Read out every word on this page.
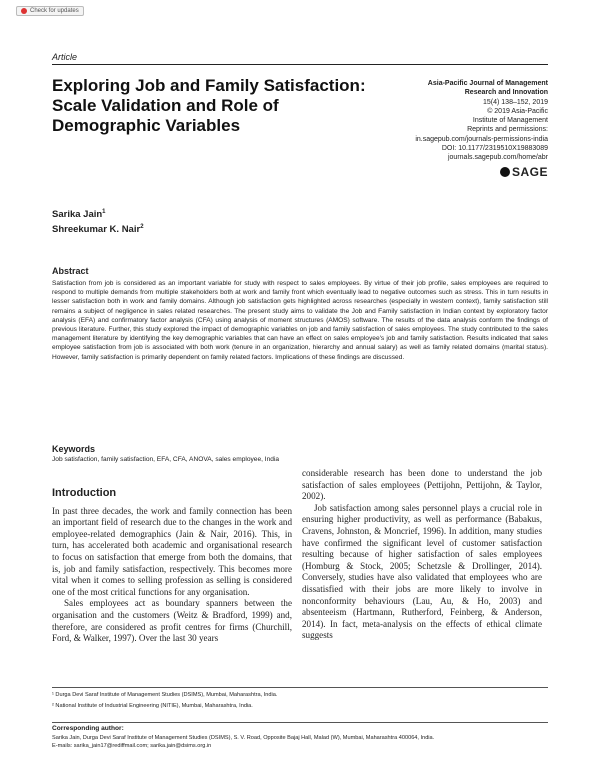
Check for updates
Article
Exploring Job and Family Satisfaction: Scale Validation and Role of Demographic Variables
Asia-Pacific Journal of Management
Research and Innovation
15(4) 138–152, 2019
© 2019 Asia-Pacific
Institute of Management
Reprints and permissions:
in.sagepub.com/journals-permissions-india
DOI: 10.1177/2319510X19883089
journals.sagepub.com/home/abr
SAGE
Sarika Jain$^1$
Shreekumar K. Nair$^2$
Abstract
Satisfaction from job is considered as an important variable for study with respect to sales employees. By virtue of their job profile, sales employees are required to respond to multiple demands from multiple stakeholders both at work and family front which eventually lead to negative outcomes such as stress. This in turn results in lesser satisfaction both in work and family domains. Although job satisfaction gets highlighted across researches (especially in western context), family satisfaction still remains a subject of negligence in sales related researches. The present study aims to validate the Job and Family satisfaction in Indian context by exploratory factor analysis (EFA) and confirmatory factor analysis (CFA) using analysis of moment structures (AMOS) software. The results of the data analysis conform the findings of previous literature. Further, this study explored the impact of demographic variables on job and family satisfaction of sales employees. The study contributed to the sales management literature by identifying the key demographic variables that can have an effect on sales employee's job and family satisfaction. Results indicated that sales employee satisfaction from job is associated with both work (tenure in an organization, hierarchy and annual salary) as well as family related domains (marital status). However, family satisfaction is primarily dependent on family related factors. Implications of these findings are discussed.
Keywords
Job satisfaction, family satisfaction, EFA, CFA, ANOVA, sales employee, India
Introduction

In past three decades, the work and family connection has been an important field of research due to the changes in the work and employee-related demographics (Jain & Nair, 2016). This, in turn, has accelerated both academic and organisational research to focus on satisfaction that emerge from both the domains, that is, job and family satisfaction, respectively. This becomes more vital when it comes to selling profession as selling is considered one of the most critical functions for any organisation.

Sales employees act as boundary spanners between the organisation and the customers (Weitz & Bradford, 1999) and, therefore, are considered as profit centres for firms (Churchill, Ford, & Walker, 1997). Over the last 30 years

considerable research has been done to understand the job satisfaction of sales employees (Pettijohn, Pettijohn, & Taylor, 2002).

Job satisfaction among sales personnel plays a crucial role in ensuring higher productivity, as well as performance (Babakus, Cravens, Johnston, & Moncrief, 1996). In addition, many studies have confirmed the significant level of customer satisfaction resulting because of higher satisfaction of sales employees (Homburg & Stock, 2005; Schetzsle & Drollinger, 2014). Conversely, studies have also validated that employees who are dissatisfied with their jobs are more likely to involve in nonconformity behaviours (Lau, Au, & Ho, 2003) and absenteeism (Hartmann, Rutherford, Feinberg, & Anderson, 2014). In fact, meta-analysis on the effects of ethical climate suggests

¹ Durga Devi Saraf Institute of Management Studies (DSIMS), Mumbai, Maharashtra, India.
² National Institute of Industrial Engineering (NITIE), Mumbai, Maharashtra, India.
Corresponding author:
Sarika Jain, Durga Devi Saraf Institute of Management Studies (DSIMS), S. V. Road, Opposite Bajaj Hall, Malad (W), Mumbai, Maharashtra 400064, India.
E-mails: sarika_jain17@rediffmail.com; sarika.jain@dsims.org.in
